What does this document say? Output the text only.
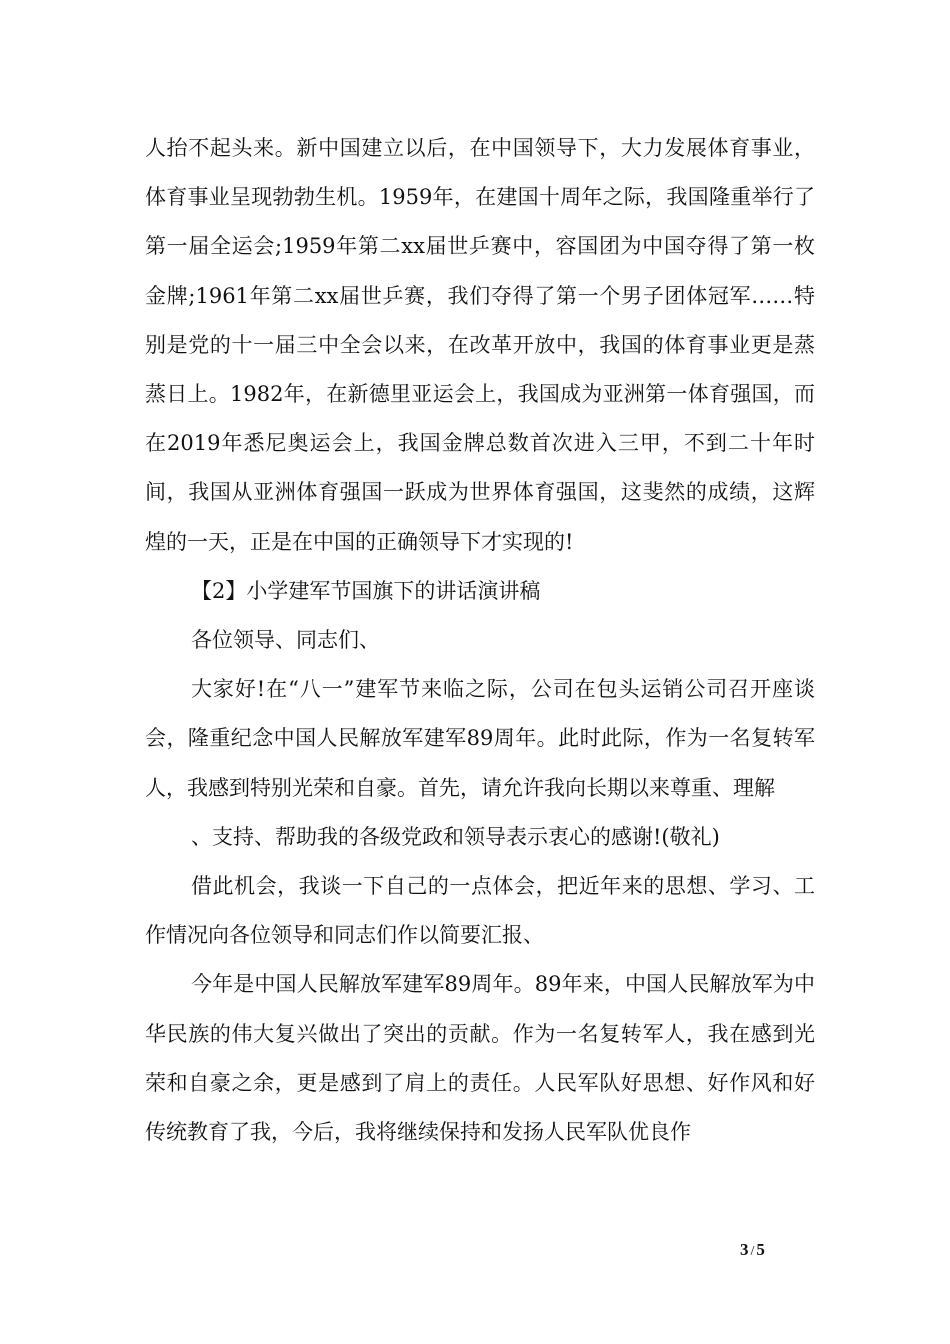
人抬不起头来。新中国建立以后，在中国领导下，大力发展体育事业，体育事业呈现勃勃生机。1959年，在建国十周年之际，我国隆重举行了第一届全运会;1959年第二xx届世乒赛中，容国团为中国夺得了第一枚金牌;1961年第二xx届世乒赛，我们夺得了第一个男子团体冠军……特别是党的十一届三中全会以来，在改革开放中，我国的体育事业更是蒸蒸日上。1982年，在新德里亚运会上，我国成为亚洲第一体育强国，而在2019年悉尼奥运会上，我国金牌总数首次进入三甲，不到二十年时间，我国从亚洲体育强国一跃成为世界体育强国，这斐然的成绩，这辉煌的一天，正是在中国的正确领导下才实现的!

【2】小学建军节国旗下的讲话演讲稿

各位领导、同志们、

大家好!在“八一”建军节来临之际，公司在包头运销公司召开座谈会，隆重纪念中国人民解放军建军89周年。此时此际，作为一名复转军人，我感到特别光荣和自豪。首先，请允许我向长期以来尊重、理解

、支持、帮助我的各级党政和领导表示衷心的感谢!(敬礼)

借此机会，我谈一下自己的一点体会，把近年来的思想、学习、工作情况向各位领导和同志们作以简要汇报、

今年是中国人民解放军建军89周年。89年来，中国人民解放军为中华民族的伟大复兴做出了突出的贡献。作为一名复转军人，我在感到光荣和自豪之余，更是感到了肩上的责任。人民军队好思想、好作风和好传统教育了我，今后，我将继续保持和发扬人民军队优良作

3 / 5
